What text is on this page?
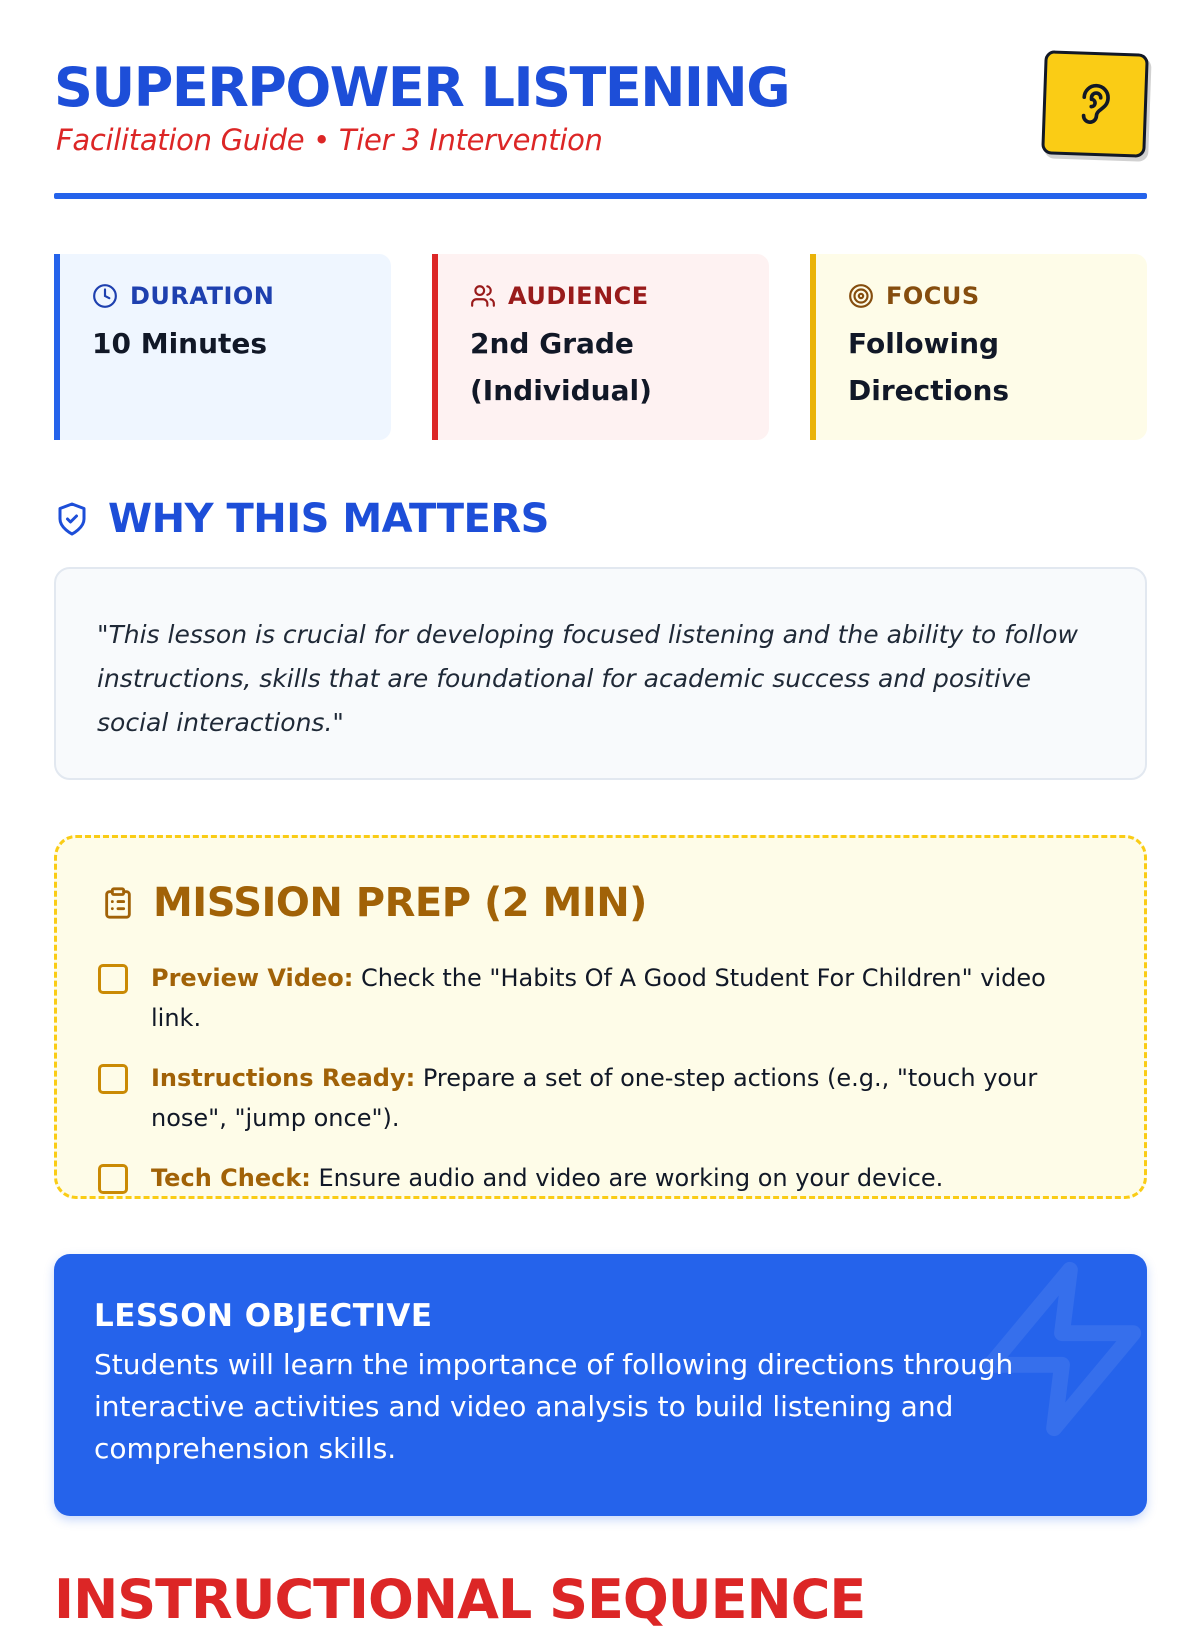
SUPERPOWER LISTENING
Facilitation Guide • Tier 3 Intervention
DURATION
10 Minutes
AUDIENCE
2nd Grade (Individual)
FOCUS
Following Directions
WHY THIS MATTERS
"This lesson is crucial for developing focused listening and the ability to follow instructions, skills that are foundational for academic success and positive social interactions."
MISSION PREP (2 MIN)
Preview Video: Check the "Habits Of A Good Student For Children" video link.
Instructions Ready: Prepare a set of one-step actions (e.g., "touch your nose", "jump once").
Tech Check: Ensure audio and video are working on your device.
LESSON OBJECTIVE
Students will learn the importance of following directions through interactive activities and video analysis to build listening and comprehension skills.
INSTRUCTIONAL SEQUENCE
